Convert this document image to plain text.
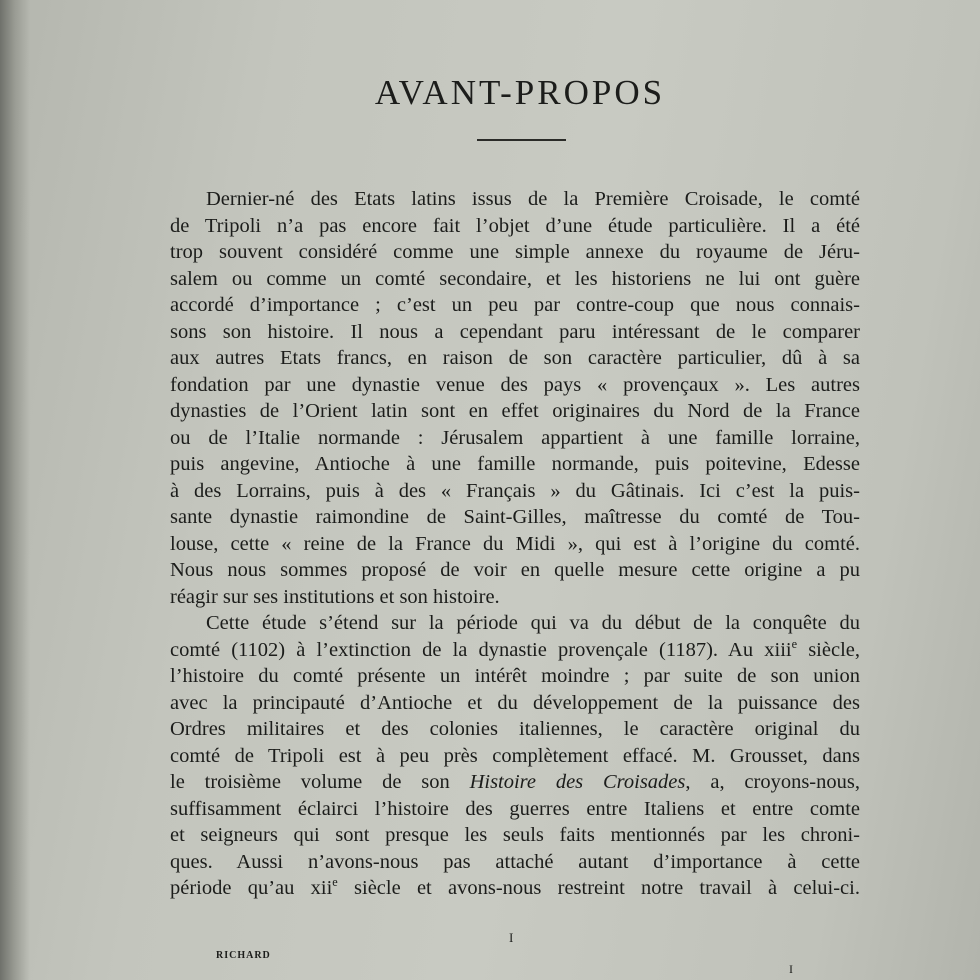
AVANT-PROPOS

Dernier-né des Etats latins issus de la Première Croisade, le comté
de Tripoli n’a pas encore fait l’objet d’une étude particulière. Il a été
trop souvent considéré comme une simple annexe du royaume de Jéru-
salem ou comme un comté secondaire, et les historiens ne lui ont guère
accordé d’importance ; c’est un peu par contre-coup que nous connais-
sons son histoire. Il nous a cependant paru intéressant de le comparer
aux autres Etats francs, en raison de son caractère particulier, dû à sa
fondation par une dynastie venue des pays « provençaux ». Les autres
dynasties de l’Orient latin sont en effet originaires du Nord de la France
ou de l’Italie normande : Jérusalem appartient à une famille lorraine,
puis angevine, Antioche à une famille normande, puis poitevine, Edesse
à des Lorrains, puis à des « Français » du Gâtinais. Ici c’est la puis-
sante dynastie raimondine de Saint-Gilles, maîtresse du comté de Tou-
louse, cette « reine de la France du Midi », qui est à l’origine du comté.
Nous nous sommes proposé de voir en quelle mesure cette origine a pu
réagir sur ses institutions et son histoire.

Cette étude s’étend sur la période qui va du début de la conquête du
comté (1102) à l’extinction de la dynastie provençale (1187). Au xiii$^e$ siècle,
l’histoire du comté présente un intérêt moindre ; par suite de son union
avec la principauté d’Antioche et du développement de la puissance des
Ordres militaires et des colonies italiennes, le caractère original du
comté de Tripoli est à peu près complètement effacé. M. Grousset, dans
le troisième volume de son Histoire des Croisades, a, croyons-nous,
suffisamment éclairci l’histoire des guerres entre Italiens et entre comte
et seigneurs qui sont presque les seuls faits mentionnés par les chroni-
ques. Aussi n’avons-nous pas attaché autant d’importance à cette
période qu’au xii$^e$ siècle et avons-nous restreint notre travail à celui-ci.

I
RICHARD
I
